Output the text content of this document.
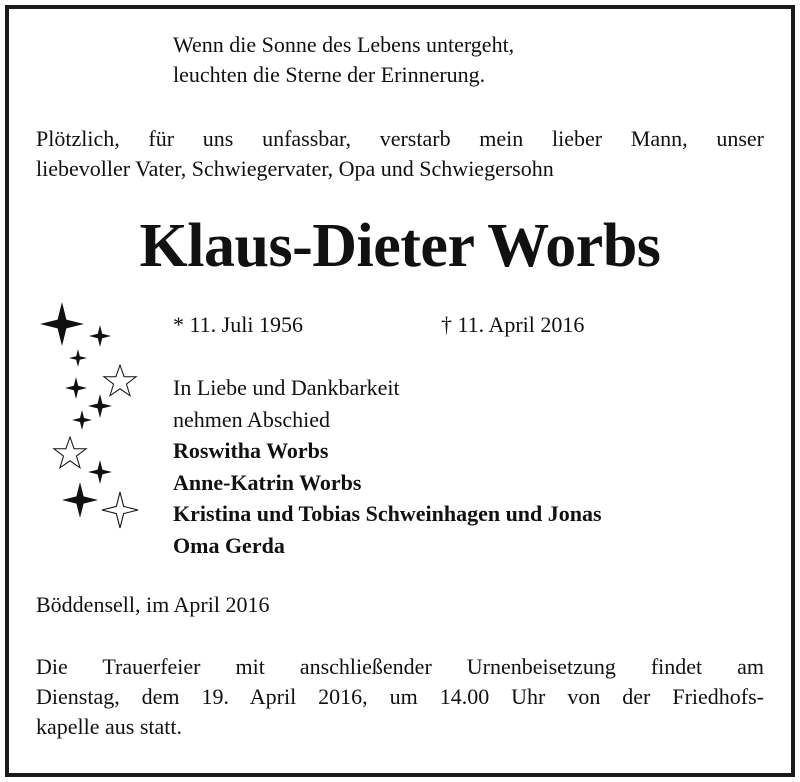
Wenn die Sonne des Lebens untergeht,
leuchten die Sterne der Erinnerung.
Plötzlich, für uns unfassbar, verstarb mein lieber Mann, unser
liebevoller Vater, Schwiegervater, Opa und Schwiegersohn
Klaus-Dieter Worbs
* 11. Juli 1956	† 11. April 2016
In Liebe und Dankbarkeit
nehmen Abschied
Roswitha Worbs
Anne-Katrin Worbs
Kristina und Tobias Schweinhagen und Jonas
Oma Gerda
Böddensell, im April 2016
Die Trauerfeier mit anschließender Urnenbeisetzung findet am
Dienstag, dem 19. April 2016, um 14.00 Uhr von der Friedhofs-
kapelle aus statt.
